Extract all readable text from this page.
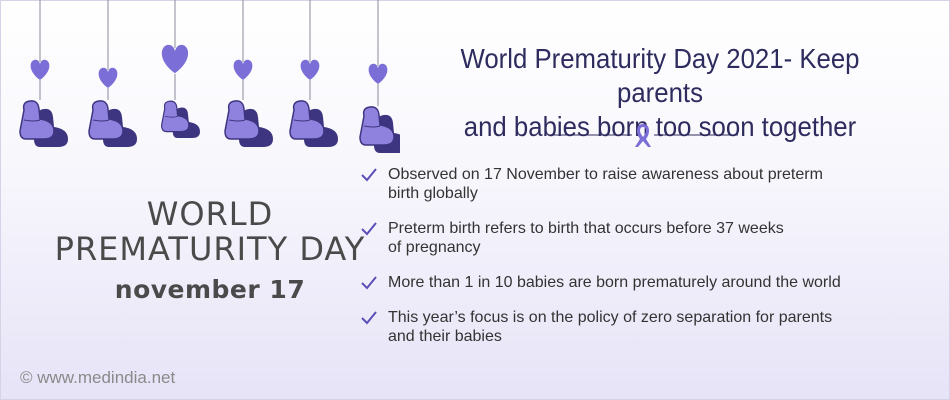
WORLD
PREMATURITY DAY
november 17
World Prematurity Day 2021- Keep parents
and babies born too soon together
Observed on 17 November to raise awareness about preterm
birth globally
Preterm birth refers to birth that occurs before 37 weeks
of pregnancy
More than 1 in 10 babies are born prematurely around the world
This year’s focus is on the policy of zero separation for parents
and their babies
© www.medindia.net
